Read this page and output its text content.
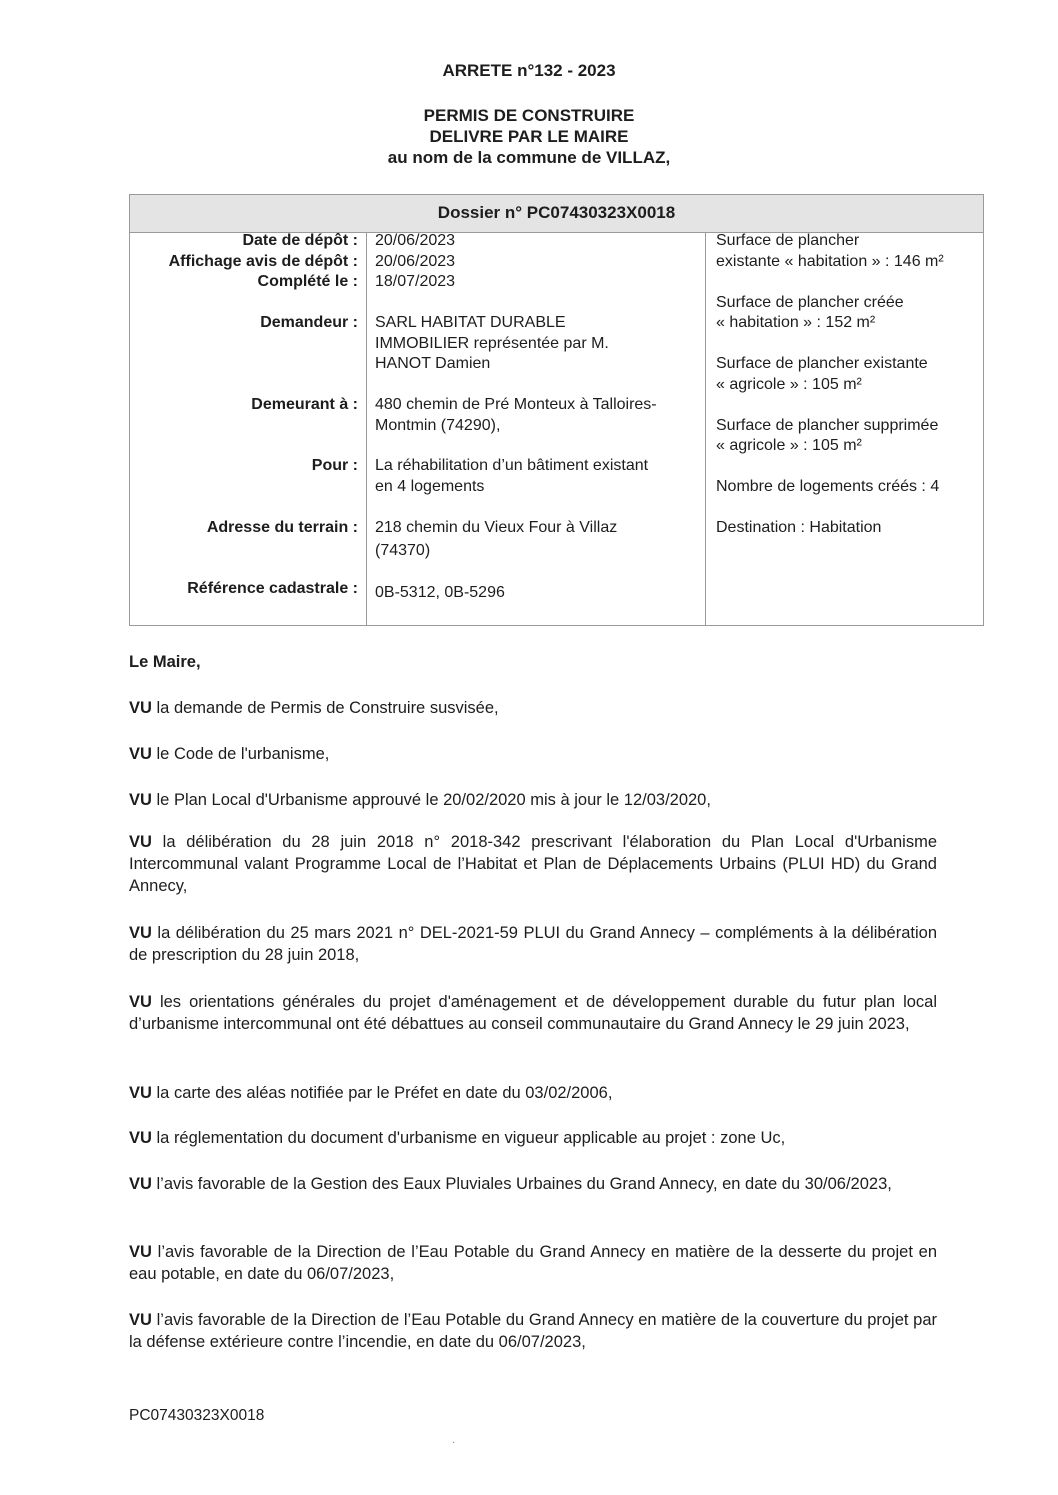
ARRETE n°132 - 2023
PERMIS DE CONSTRUIRE
DELIVRE PAR LE MAIRE
au nom de la commune de VILLAZ,
Dossier n° PC07430323X0018
Date de dépôt :
Affichage avis de dépôt :
Complété le :
Demandeur :
Demeurant à :
Pour :
Adresse du terrain :
Référence cadastrale :
20/06/2023
20/06/2023
18/07/2023
SARL HABITAT DURABLE
IMMOBILIER représentée par M.
HANOT Damien
480 chemin de Pré Monteux à Talloires-
Montmin (74290),
La réhabilitation d’un bâtiment existant
en 4 logements
218 chemin du Vieux Four à Villaz
(74370)
0B-5312, 0B-5296
Surface de plancher
existante « habitation » : 146 m²
Surface de plancher créée
« habitation » : 152 m²
Surface de plancher existante
« agricole » : 105 m²
Surface de plancher supprimée
« agricole » : 105 m²
Nombre de logements créés : 4
Destination : Habitation
Le Maire,
VU la demande de Permis de Construire susvisée,
VU le Code de l'urbanisme,
VU le Plan Local d'Urbanisme approuvé le 20/02/2020 mis à jour le 12/03/2020,
VU la délibération du 28 juin 2018 n° 2018-342 prescrivant l'élaboration du Plan Local d'Urbanisme Intercommunal valant Programme Local de l’Habitat et Plan de Déplacements Urbains (PLUI HD) du Grand Annecy,
VU la délibération du 25 mars 2021 n° DEL-2021-59 PLUI du Grand Annecy – compléments à la délibération de prescription du 28 juin 2018,
VU les orientations générales du projet d'aménagement et de développement durable du futur plan local d’urbanisme intercommunal ont été débattues au conseil communautaire du Grand Annecy le 29 juin 2023,
VU la carte des aléas notifiée par le Préfet en date du 03/02/2006,
VU la réglementation du document d'urbanisme en vigueur applicable au projet : zone Uc,
VU l’avis favorable de la Gestion des Eaux Pluviales Urbaines du Grand Annecy, en date du 30/06/2023,
VU l’avis favorable de la Direction de l’Eau Potable du Grand Annecy en matière de la desserte du projet en eau potable, en date du 06/07/2023,
VU l’avis favorable de la Direction de l’Eau Potable du Grand Annecy en matière de la couverture du projet par la défense extérieure contre l’incendie, en date du 06/07/2023,
PC07430323X0018
·
